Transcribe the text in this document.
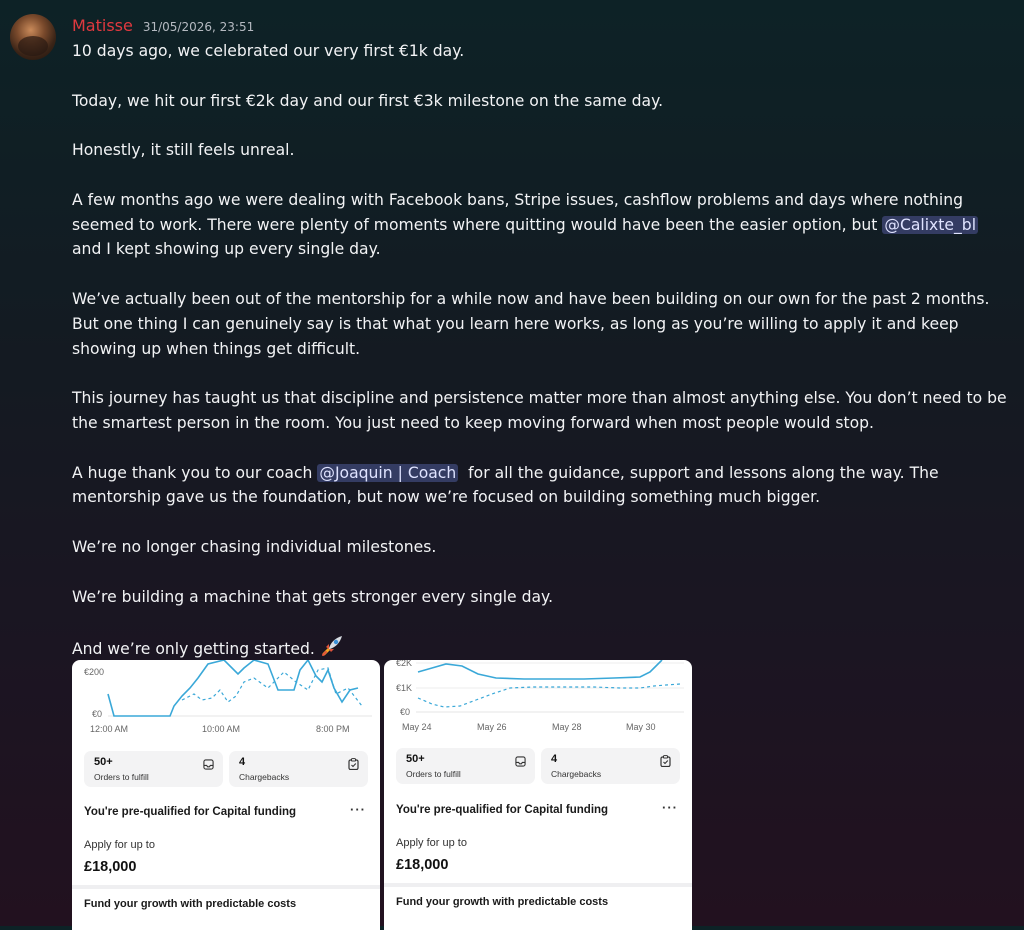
Matisse 31/05/2026, 23:51

10 days ago, we celebrated our very first €1k day.

Today, we hit our first €2k day and our first €3k milestone on the same day.

Honestly, it still feels unreal.

A few months ago we were dealing with Facebook bans, Stripe issues, cashflow problems and days where nothing seemed to work. There were plenty of moments where quitting would have been the easier option, but @Calixte_bl and I kept showing up every single day.

We’ve actually been out of the mentorship for a while now and have been building on our own for the past 2 months. But one thing I can genuinely say is that what you learn here works, as long as you’re willing to apply it and keep showing up when things get difficult.

This journey has taught us that discipline and persistence matter more than almost anything else. You don’t need to be the smartest person in the room. You just need to keep moving forward when most people would stop.

A huge thank you to our coach @Joaquin | Coach  for all the guidance, support and lessons along the way. The mentorship gave us the foundation, but now we’re focused on building something much bigger.

We’re no longer chasing individual milestones.

We’re building a machine that gets stronger every single day.

And we’re only getting started.

€200
€0
12:00 AM	10:00 AM	8:00 PM
50+
Orders to fulfill
4
Chargebacks
You're pre-qualified for Capital funding	···
Apply for up to
£18,000
Fund your growth with predictable costs
€2K
€1K
€0
May 24	May 26	May 28	May 30
50+
Orders to fulfill
4
Chargebacks
You're pre-qualified for Capital funding	···
Apply for up to
£18,000
Fund your growth with predictable costs
